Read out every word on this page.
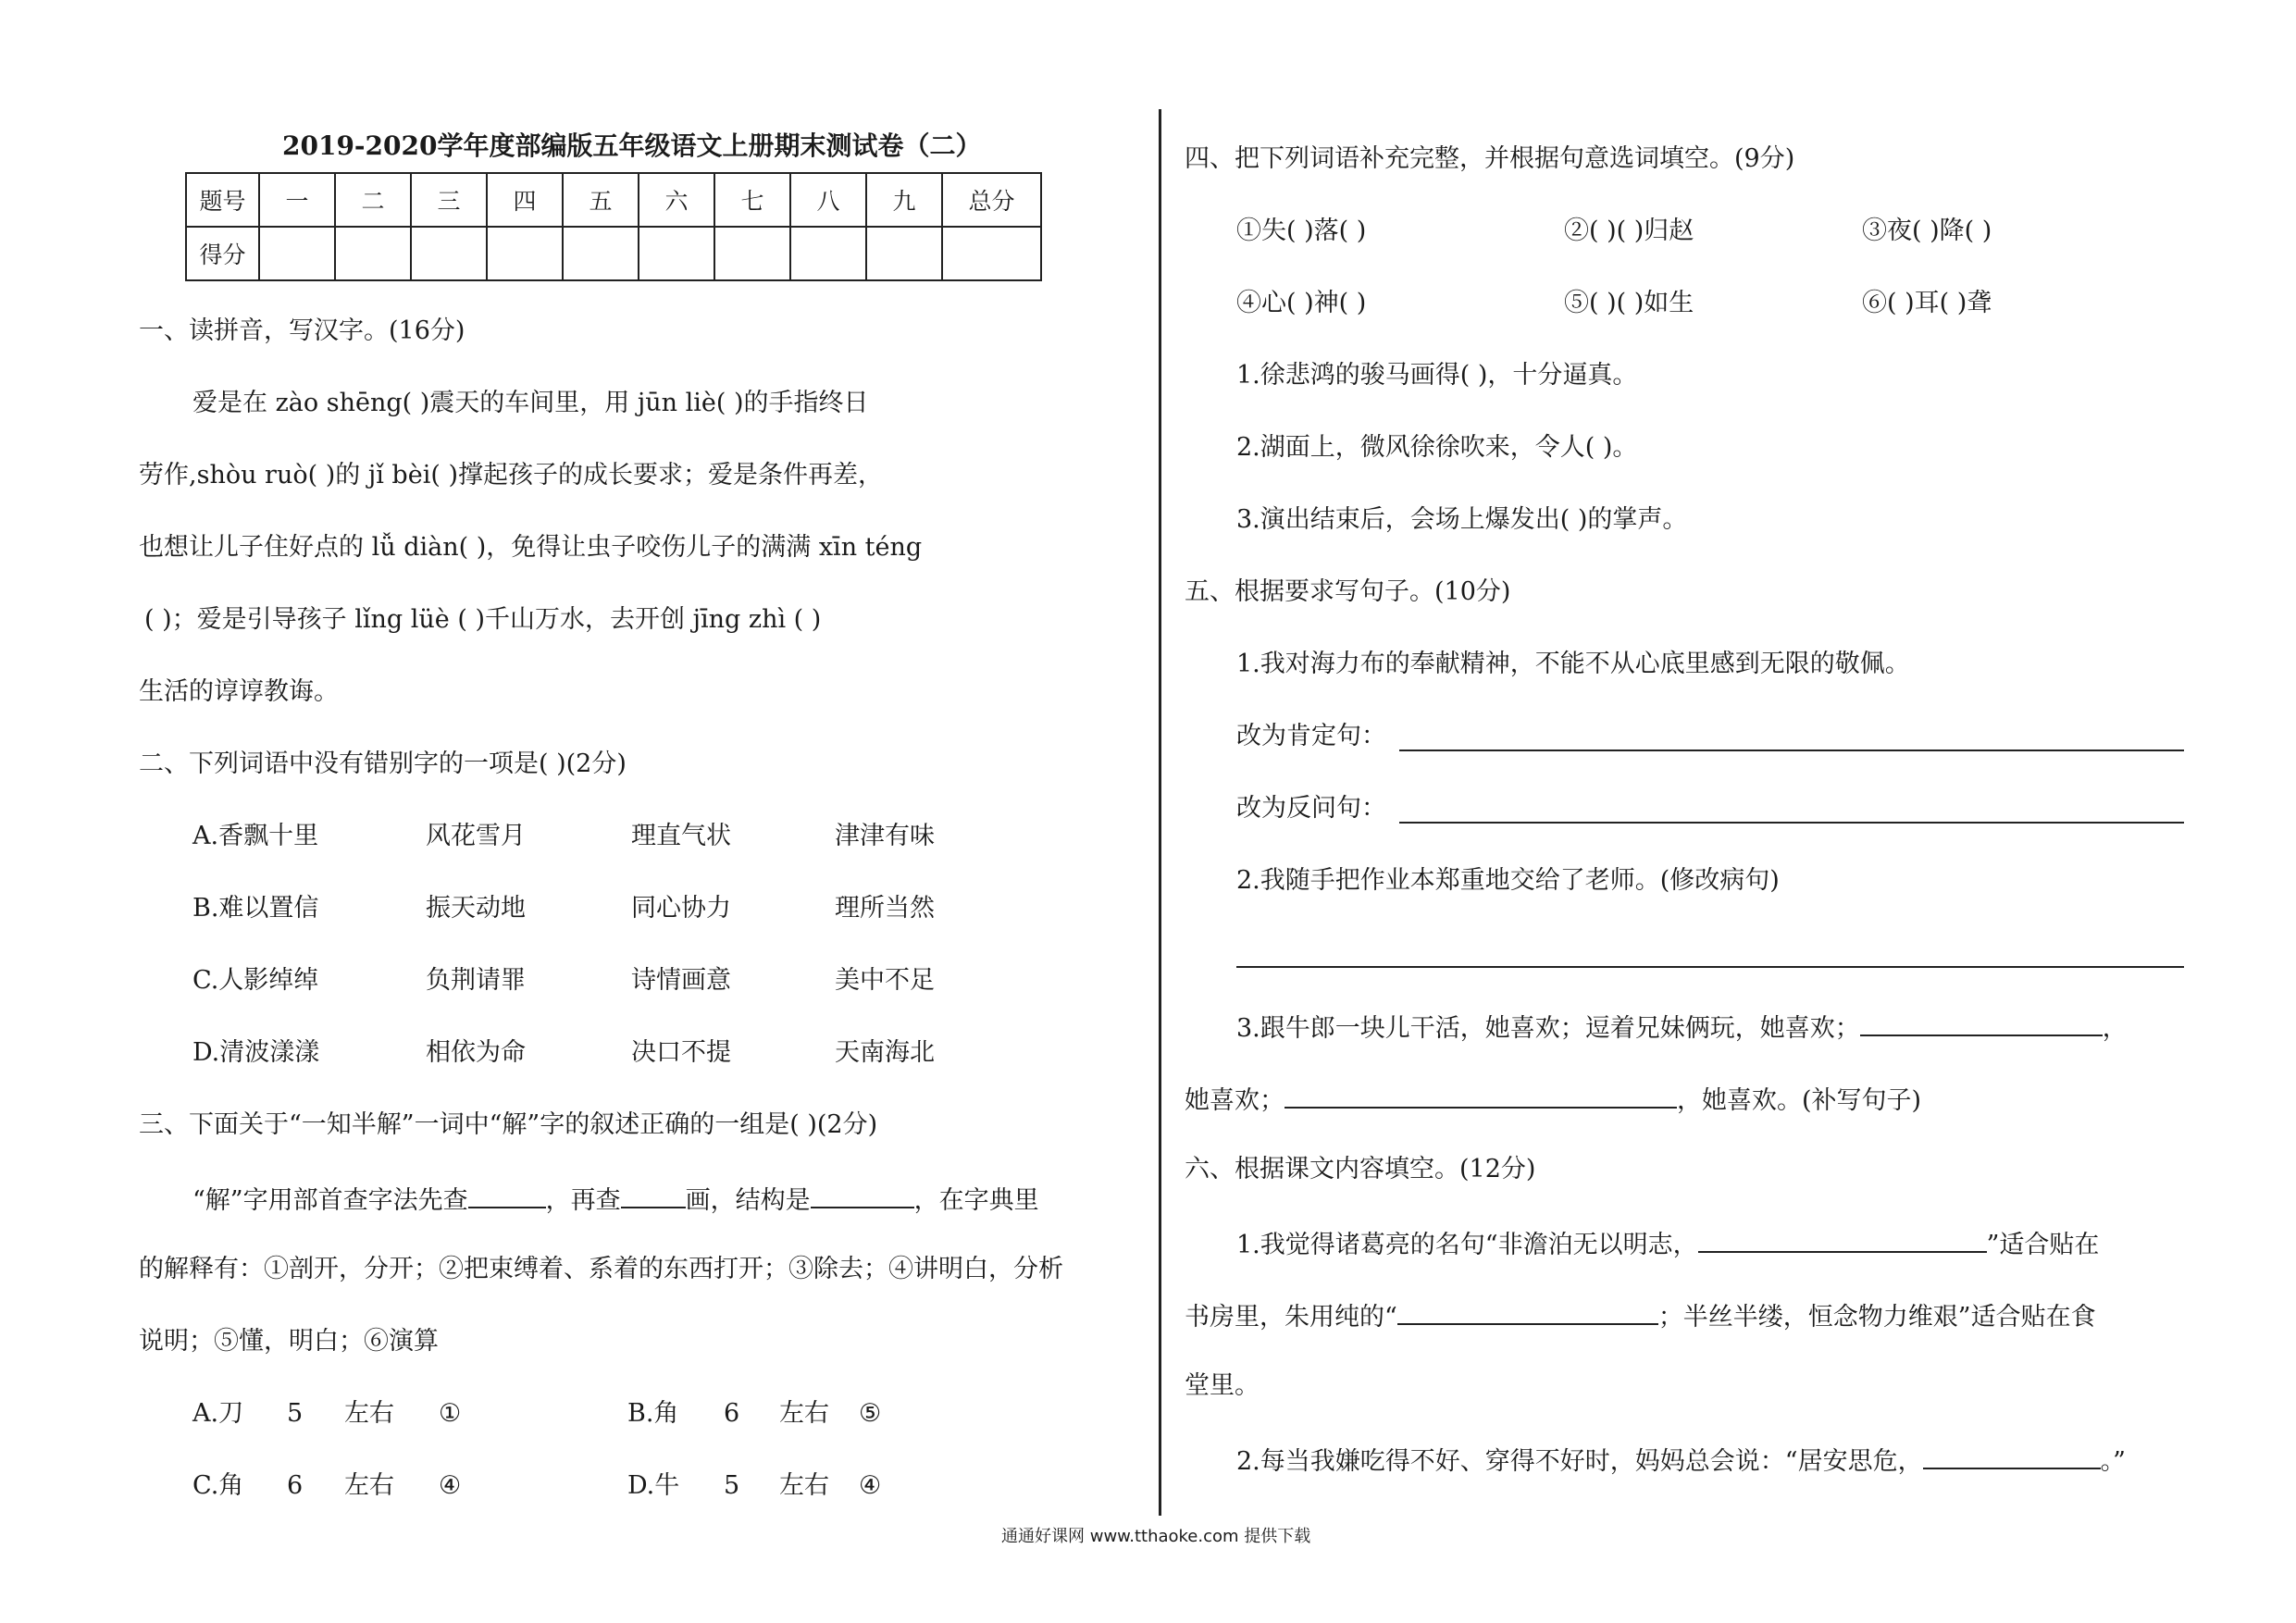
2019-2020学年度部编版五年级语文上册期末测试卷（二）
题号	一	二	三	四	五	六	七	八	九	总分
得分										
一、读拼音，写汉字。(16分)
爱是在 zào shēng( )震天的车间里，用 jūn liè( )的手指终日
劳作,shòu ruò( )的 jǐ bèi( )撑起孩子的成长要求；爱是条件再差，
也想让儿子住好点的 lǚ diàn( )，免得让虫子咬伤儿子的满满 xīn téng
( )；爱是引导孩子 lǐng lüè ( )千山万水，去开创 jīng zhì ( )
生活的谆谆教诲。
二、下列词语中没有错别字的一项是( )(2分)
A.香飘十里	风花雪月	理直气状	津津有味
B.难以置信	振天动地	同心协力	理所当然
C.人影绰绰	负荆请罪	诗情画意	美中不足
D.清波漾漾	相依为命	决口不提	天南海北
三、下面关于“一知半解”一词中“解”字的叙述正确的一组是( )(2分)
“解”字用部首查字法先查	，再查	画，结构是	，在字典里
的解释有：①剖开，分开；②把束缚着、系着的东西打开；③除去；④讲明白，分析
说明；⑤懂，明白；⑥演算
A.刀 5 左右 ①	B.角 6 左右 ⑤
C.角 6 左右 ④	D.牛 5 左右 ④
四、把下列词语补充完整，并根据句意选词填空。(9分)
①失( )落( )	②( )( )归赵	③夜( )降( )
④心( )神( )	⑤( )( )如生	⑥( )耳( )聋
1.徐悲鸿的骏马画得( )，十分逼真。
2.湖面上，微风徐徐吹来，令人( )。
3.演出结束后，会场上爆发出( )的掌声。
五、根据要求写句子。(10分)
1.我对海力布的奉献精神，不能不从心底里感到无限的敬佩。
改为肯定句：
改为反问句：
2.我随手把作业本郑重地交给了老师。(修改病句)
3.跟牛郎一块儿干活，她喜欢；逗着兄妹俩玩，她喜欢；	，
她喜欢；	，她喜欢。(补写句子)
六、根据课文内容填空。(12分)
1.我觉得诸葛亮的名句“非澹泊无以明志，	”适合贴在
书房里，朱用纯的“	；半丝半缕，恒念物力维艰”适合贴在食
堂里。
2.每当我嫌吃得不好、穿得不好时，妈妈总会说：“居安思危，	。”
通通好课网 www.tthaoke.com 提供下载
